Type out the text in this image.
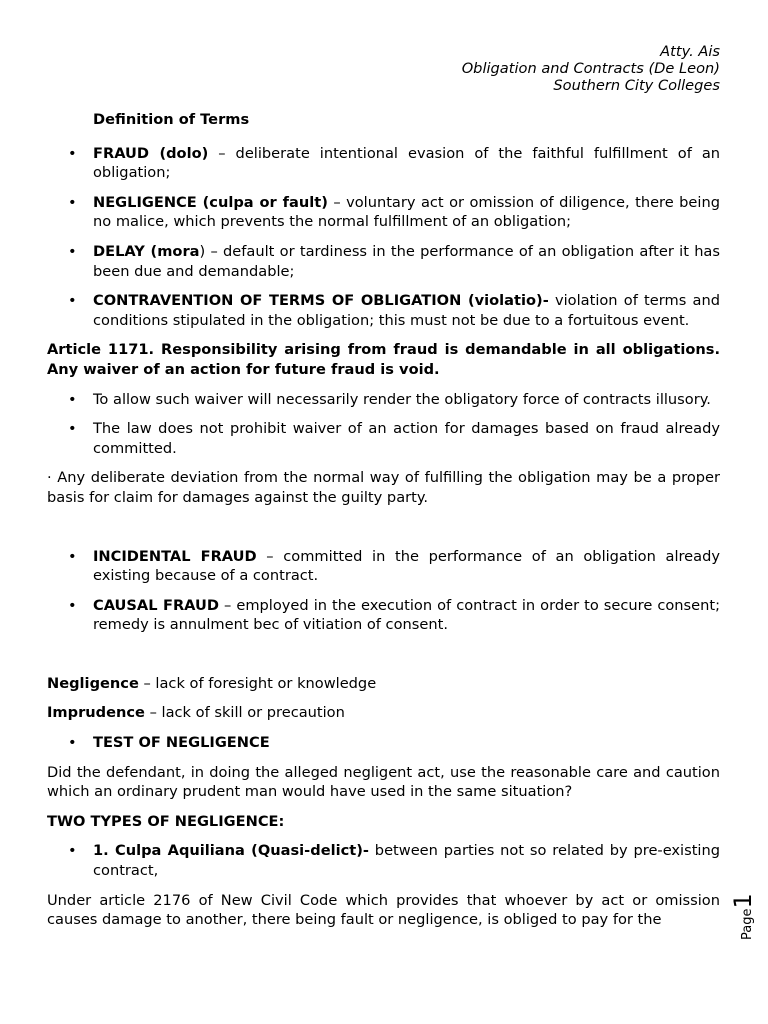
Atty. Ais
Obligation and Contracts (De Leon)
Southern City Colleges
Definition of Terms
• FRAUD (dolo) – deliberate intentional evasion of the faithful fulfillment of an obligation;
• NEGLIGENCE (culpa or fault) – voluntary act or omission of diligence, there being no malice, which prevents the normal fulfillment of an obligation;
• DELAY (mora) – default or tardiness in the performance of an obligation after it has been due and demandable;
• CONTRAVENTION OF TERMS OF OBLIGATION (violatio)- violation of terms and conditions stipulated in the obligation; this must not be due to a fortuitous event.

Article 1171. Responsibility arising from fraud is demandable in all obligations. Any waiver of an action for future fraud is void.

• To allow such waiver will necessarily render the obligatory force of contracts illusory.
• The law does not prohibit waiver of an action for damages based on fraud already committed.

· Any deliberate deviation from the normal way of fulfilling the obligation may be a proper basis for claim for damages against the guilty party.

• INCIDENTAL FRAUD – committed in the performance of an obligation already existing because of a contract.
• CAUSAL FRAUD – employed in the execution of contract in order to secure consent; remedy is annulment bec of vitiation of consent.

Negligence – lack of foresight or knowledge

Imprudence – lack of skill or precaution

• TEST OF NEGLIGENCE

Did the defendant, in doing the alleged negligent act, use the reasonable care and caution which an ordinary prudent man would have used in the same situation?

TWO TYPES OF NEGLIGENCE:

• 1. Culpa Aquiliana (Quasi-delict)- between parties not so related by pre-existing contract,

Under article 2176 of New Civil Code which provides that whoever by act or omission causes damage to another, there being fault or negligence, is obliged to pay for the	Page1
